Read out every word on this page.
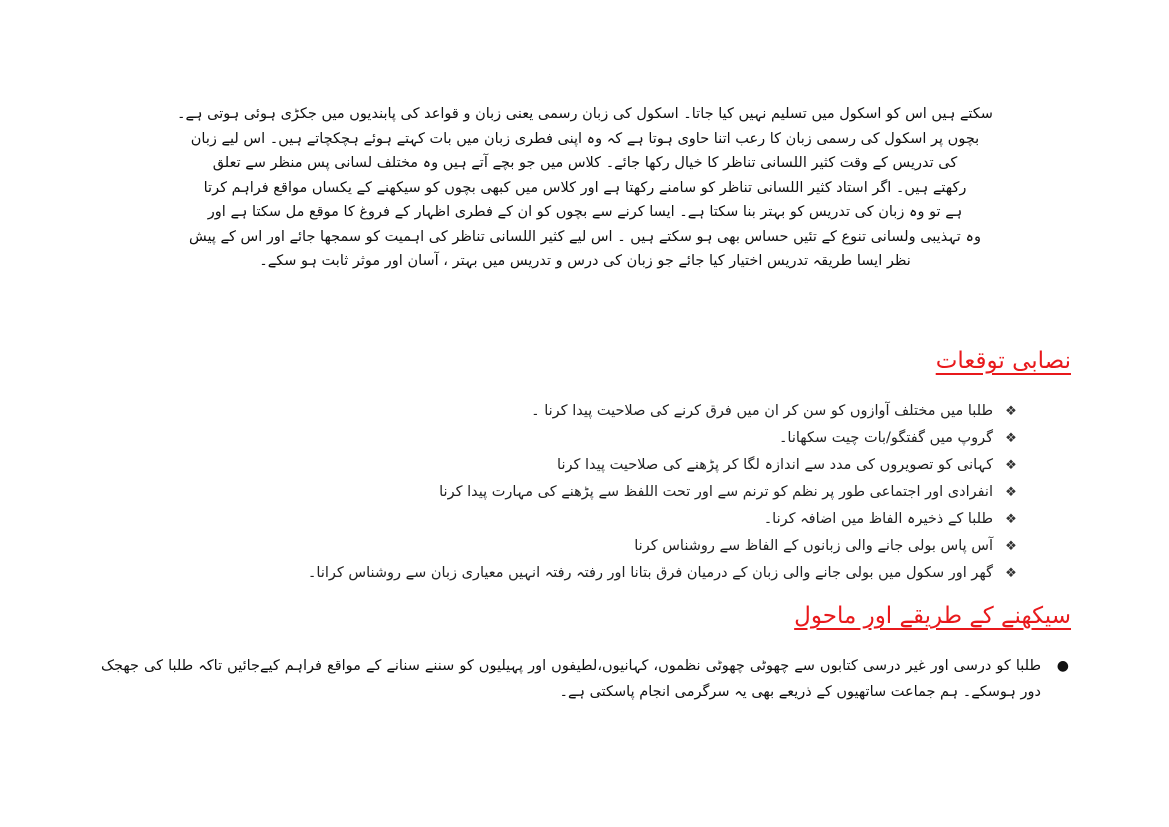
سکتے ہیں اس کو اسکول میں تسلیم نہیں کیا جاتا۔ اسکول کی زبان رسمی یعنی زبان و قواعد کی پابندیوں میں جکڑی ہوئی ہوتی ہے۔

بچوں پر اسکول کی رسمی زبان کا رعب اتنا حاوی ہوتا ہے کہ وہ اپنی فطری زبان میں بات کہتے ہوئے ہچکچاتے ہیں۔ اس لیے زبان

کی تدریس کے وقت کثیر اللسانی تناظر کا خیال رکھا جائے۔ کلاس میں جو بچے آتے ہیں وہ مختلف لسانی پس منظر سے تعلق

رکھتے ہیں۔ اگر استاد کثیر اللسانی تناظر کو سامنے رکھتا ہے اور کلاس میں کبھی بچوں کو سیکھنے کے یکساں مواقع فراہم کرتا

ہے تو وہ زبان کی تدریس کو بہتر بنا سکتا ہے۔ ایسا کرنے سے بچوں کو ان کے فطری اظہار کے فروغ کا موقع مل سکتا ہے اور

وہ تہذیبی ولسانی تنوع کے تئیں حساس بھی ہو سکتے ہیں ۔ اس لیے کثیر اللسانی تناظر کی اہمیت کو سمجھا جائے اور اس کے پیش

نظر ایسا طریقہ تدریس اختیار کیا جائے جو زبان کی درس و تدریس میں بہتر ، آسان اور موثر ثابت ہو سکے۔

نصابی توقعات
❖
طلبا میں مختلف آوازوں کو سن کر ان میں فرق کرنے کی صلاحیت پیدا کرنا ۔
❖
گروپ میں گفتگو/بات چیت سکھانا۔
❖
کہانی کو تصویروں کی مدد سے اندازہ لگا کر پڑھنے کی صلاحیت پیدا کرنا
❖
انفرادی اور اجتماعی طور پر نظم کو ترنم سے اور تحت اللفظ سے پڑھنے کی مہارت پیدا کرنا
❖
طلبا کے ذخیرہ الفاظ میں اضافہ کرنا۔
❖
آس پاس بولی جانے والی زبانوں کے الفاظ سے روشناس کرنا
❖
گھر اور سکول میں بولی جانے والی زبان کے درمیان فرق بتانا اور رفتہ رفتہ انہیں معیاری زبان سے روشناس کرانا۔
سیکھنے کے طریقے اور ماحول
●
طلبا کو درسی اور غیر درسی کتابوں سے چھوٹی چھوٹی نظموں، کہانیوں،لطیفوں اور پہیلیوں کو سننے سنانے کے مواقع فراہم کیےجائیں تاکہ طلبا کی جھجک دور ہوسکے۔ ہم جماعت ساتھیوں کے ذریعے بھی یہ سرگرمی انجام پاسکتی ہے۔
